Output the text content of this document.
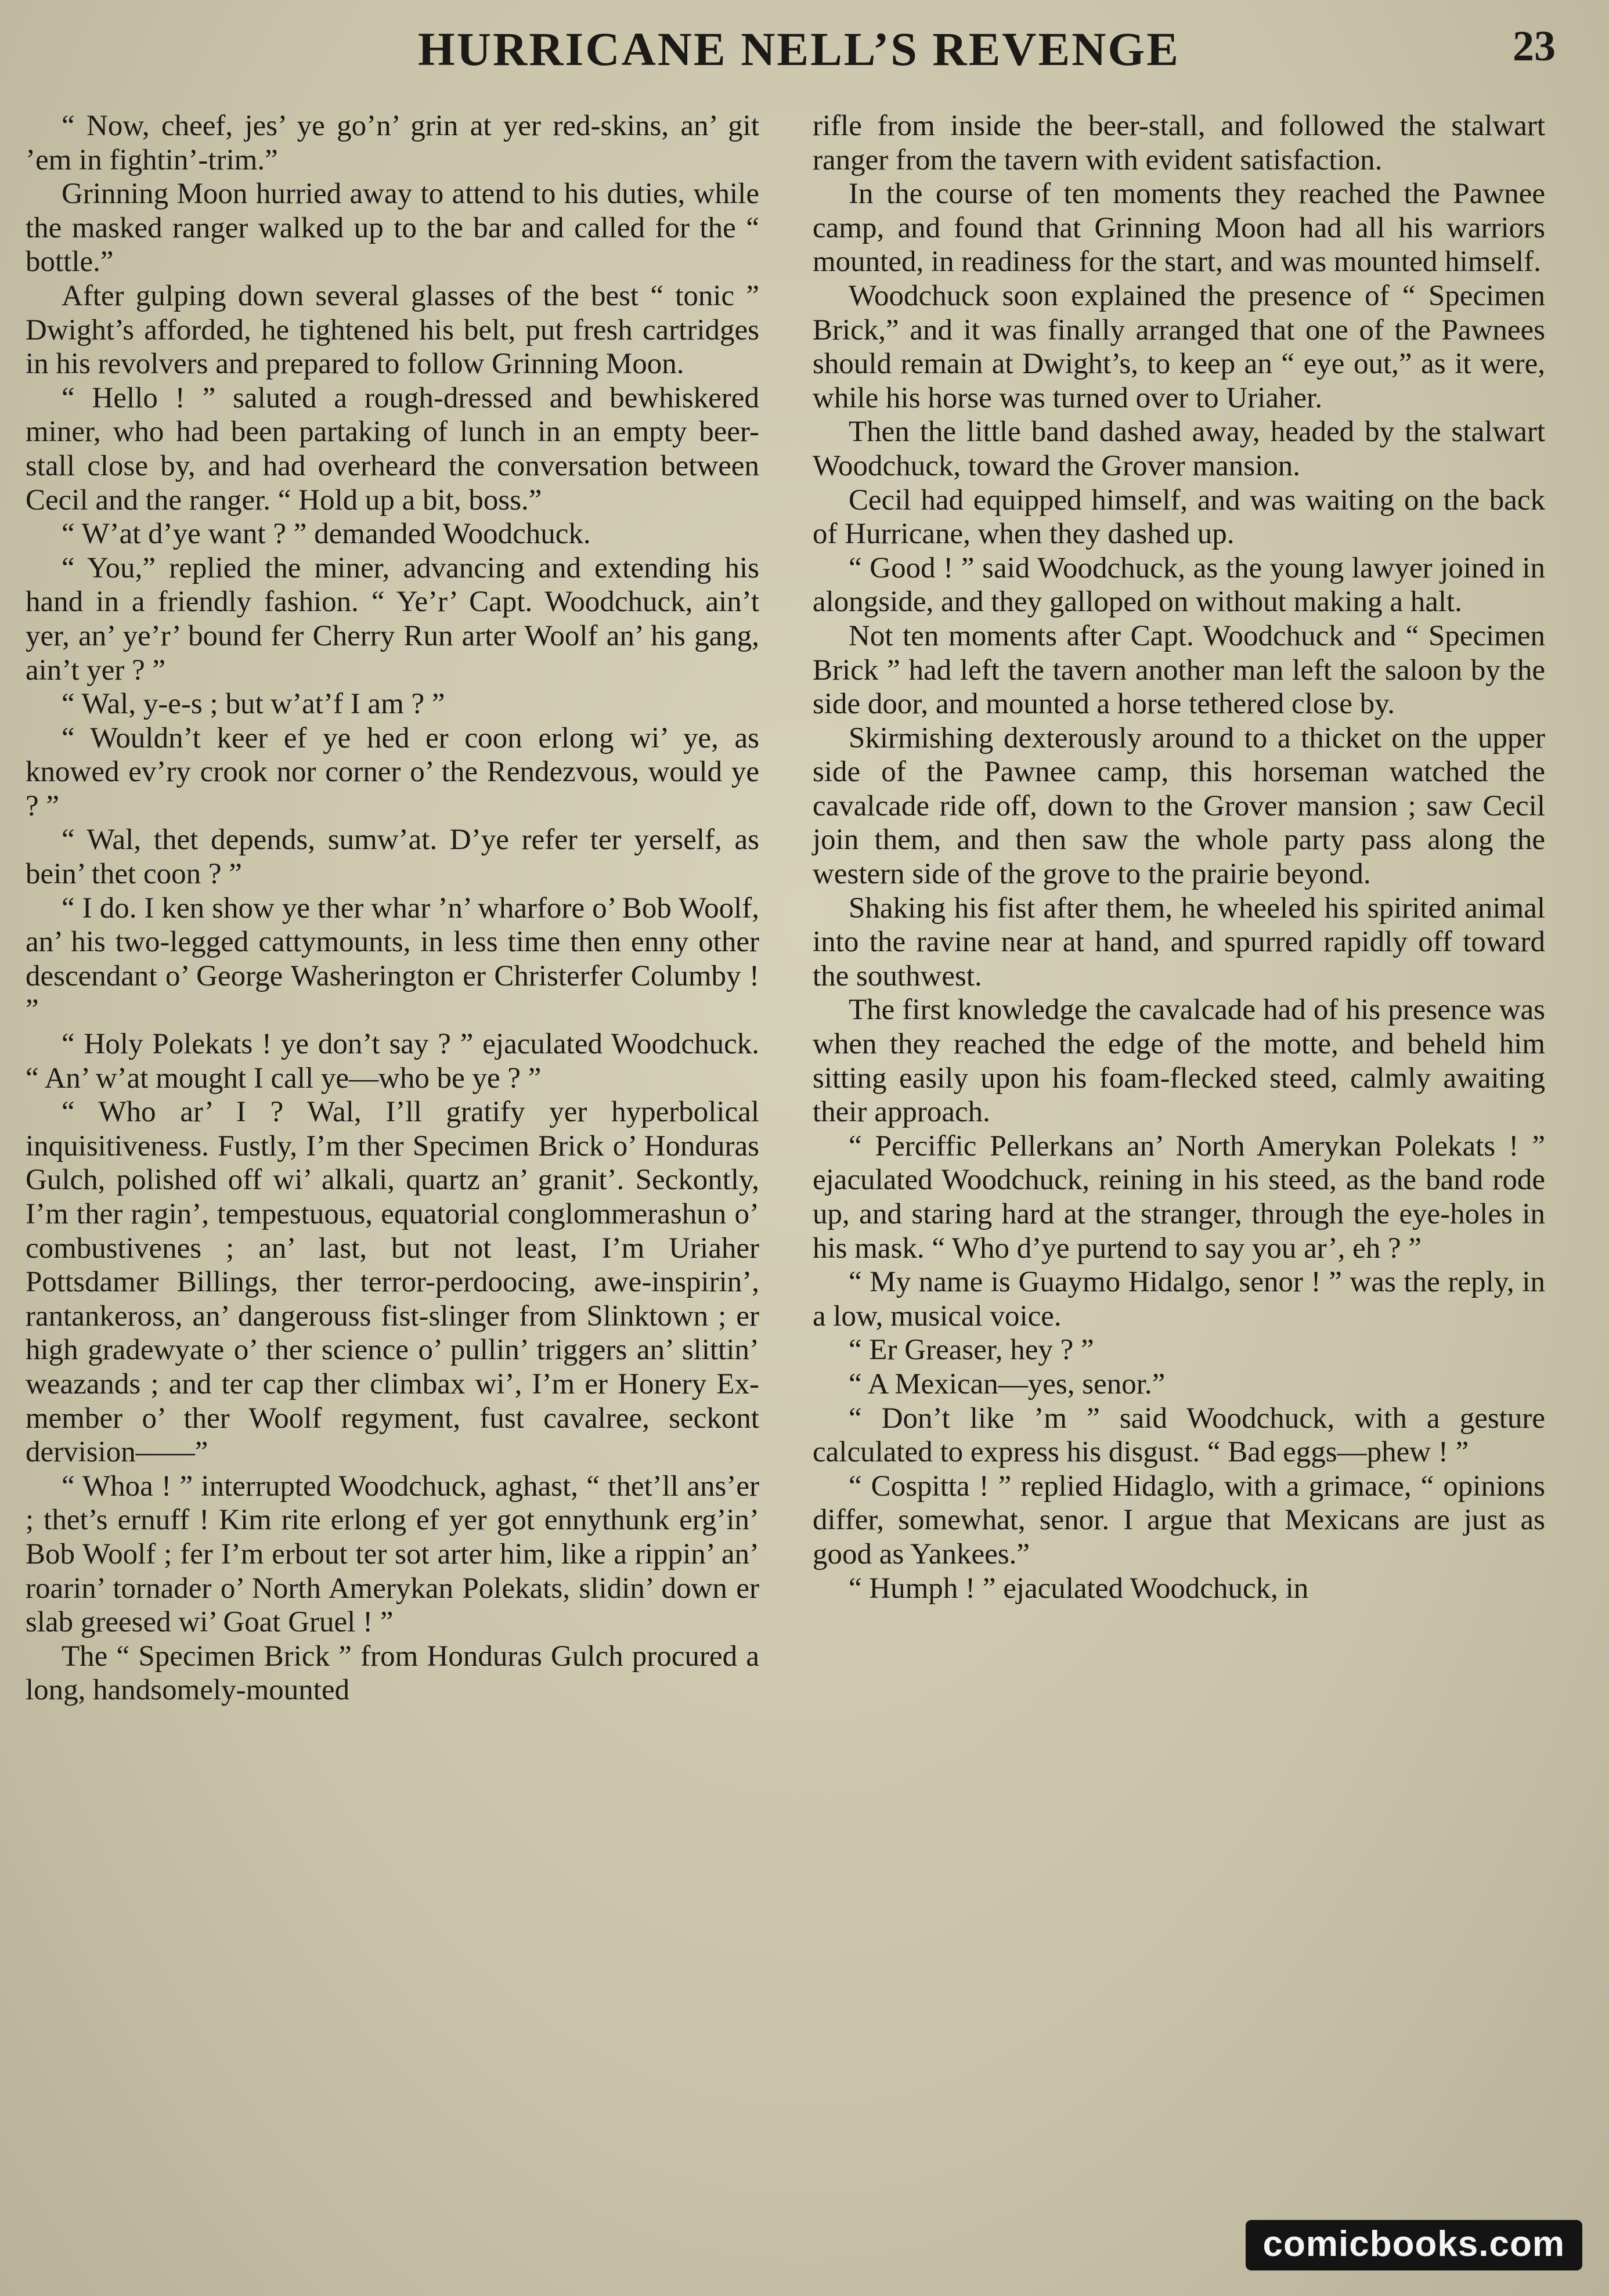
HURRICANE NELL’S REVENGE	23

“ Now, cheef, jes’ ye go’n’ grin at yer red-skins, an’ git ’em in fightin’-trim.”

Grinning Moon hurried away to attend to his duties, while the masked ranger walked up to the bar and called for the “ bottle.”

After gulping down several glasses of the best “ tonic ” Dwight’s afforded, he tightened his belt, put fresh cartridges in his revolvers and prepared to follow Grinning Moon.

“ Hello ! ” saluted a rough-dressed and bewhiskered miner, who had been partaking of lunch in an empty beer-stall close by, and had overheard the conversation between Cecil and the ranger. “ Hold up a bit, boss.”

“ W’at d’ye want ? ” demanded Woodchuck.

“ You,” replied the miner, advancing and extending his hand in a friendly fashion. “ Ye’r’ Capt. Woodchuck, ain’t yer, an’ ye’r’ bound fer Cherry Run arter Woolf an’ his gang, ain’t yer ? ”

“ Wal, y-e-s ; but w’at’f I am ? ”

“ Wouldn’t keer ef ye hed er coon erlong wi’ ye, as knowed ev’ry crook nor corner o’ the Rendezvous, would ye ? ”

“ Wal, thet depends, sumw’at. D’ye refer ter yerself, as bein’ thet coon ? ”

“ I do. I ken show ye ther whar ’n’ wharfore o’ Bob Woolf, an’ his two-legged cattymounts, in less time then enny other descendant o’ George Washerington er Christerfer Columby ! ”

“ Holy Polekats ! ye don’t say ? ” ejaculated Woodchuck. “ An’ w’at mought I call ye—who be ye ? ”

“ Who ar’ I ? Wal, I’ll gratify yer hyperbolical inquisitiveness. Fustly, I’m ther Specimen Brick o’ Honduras Gulch, polished off wi’ alkali, quartz an’ granit’. Seckontly, I’m ther ragin’, tempestuous, equatorial conglommerashun o’ combustivenes ; an’ last, but not least, I’m Uriaher Pottsdamer Billings, ther terror-perdoocing, awe-inspirin’, rantankeross, an’ dangerouss fist-slinger from Slinktown ; er high gradewyate o’ ther science o’ pullin’ triggers an’ slittin’ weazands ; and ter cap ther climbax wi’, I’m er Honery Ex-member o’ ther Woolf regyment, fust cavalree, seckont dervision——”

“ Whoa ! ” interrupted Woodchuck, aghast, “ thet’ll ans’er ; thet’s ernuff ! Kim rite erlong ef yer got ennythunk erg’in’ Bob Woolf ; fer I’m erbout ter sot arter him, like a rippin’ an’ roarin’ tornader o’ North Amerykan Polekats, slidin’ down er slab greesed wi’ Goat Gruel ! ”

The “ Specimen Brick ” from Honduras Gulch procured a long, handsomely-mounted

rifle from inside the beer-stall, and followed the stalwart ranger from the tavern with evident satisfaction.

In the course of ten moments they reached the Pawnee camp, and found that Grinning Moon had all his warriors mounted, in readiness for the start, and was mounted himself.

Woodchuck soon explained the presence of “ Specimen Brick,” and it was finally arranged that one of the Pawnees should remain at Dwight’s, to keep an “ eye out,” as it were, while his horse was turned over to Uriaher.

Then the little band dashed away, headed by the stalwart Woodchuck, toward the Grover mansion.

Cecil had equipped himself, and was waiting on the back of Hurricane, when they dashed up.

“ Good ! ” said Woodchuck, as the young lawyer joined in alongside, and they galloped on without making a halt.

Not ten moments after Capt. Woodchuck and “ Specimen Brick ” had left the tavern another man left the saloon by the side door, and mounted a horse tethered close by.

Skirmishing dexterously around to a thicket on the upper side of the Pawnee camp, this horseman watched the cavalcade ride off, down to the Grover mansion ; saw Cecil join them, and then saw the whole party pass along the western side of the grove to the prairie beyond.

Shaking his fist after them, he wheeled his spirited animal into the ravine near at hand, and spurred rapidly off toward the southwest.

The first knowledge the cavalcade had of his presence was when they reached the edge of the motte, and beheld him sitting easily upon his foam-flecked steed, calmly awaiting their approach.

“ Perciffic Pellerkans an’ North Amerykan Polekats ! ” ejaculated Woodchuck, reining in his steed, as the band rode up, and staring hard at the stranger, through the eye-holes in his mask. “ Who d’ye purtend to say you ar’, eh ? ”

“ My name is Guaymo Hidalgo, senor ! ” was the reply, in a low, musical voice.

“ Er Greaser, hey ? ”

“ A Mexican—yes, senor.”

“ Don’t like ’m ” said Woodchuck, with a gesture calculated to express his disgust. “ Bad eggs—phew ! ”

“ Cospitta ! ” replied Hidaglo, with a grimace, “ opinions differ, somewhat, senor. I argue that Mexicans are just as good as Yankees.”

“ Humph ! ” ejaculated Woodchuck, in

comicbooks.com
